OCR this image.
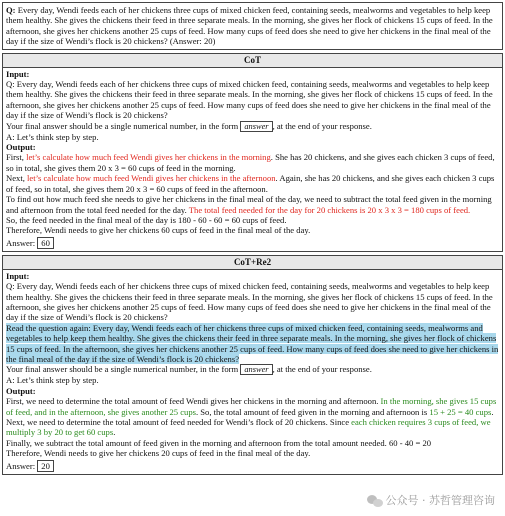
Q: Every day, Wendi feeds each of her chickens three cups of mixed chicken feed, containing seeds, mealworms and vegetables to help keep them healthy. She gives the chickens their feed in three separate meals. In the morning, she gives her flock of chickens 15 cups of feed. In the afternoon, she gives her chickens another 25 cups of feed. How many cups of feed does she need to give her chickens in the final meal of the day if the size of Wendi’s flock is 20 chickens? (Answer: 20)
CoT
Input:
Q: Every day, Wendi feeds each of her chickens three cups of mixed chicken feed, containing seeds, mealworms and vegetables to help keep them healthy. She gives the chickens their feed in three separate meals. In the morning, she gives her flock of chickens 15 cups of feed. In the afternoon, she gives her chickens another 25 cups of feed. How many cups of feed does she need to give her chickens in the final meal of the day if the size of Wendi’s flock is 20 chickens?
Your final answer should be a single numerical number, in the form answer , at the end of your response.
A: Let’s think step by step.
Output:
First, let’s calculate how much feed Wendi gives her chickens in the morning. She has 20 chickens, and she gives each chicken 3 cups of feed, so in total, she gives them 20 x 3 = 60 cups of feed in the morning.
Next, let’s calculate how much feed Wendi gives her chickens in the afternoon. Again, she has 20 chickens, and she gives each chicken 3 cups of feed, so in total, she gives them 20 x 3 = 60 cups of feed in the afternoon.
To find out how much feed she needs to give her chickens in the final meal of the day, we need to subtract the total feed given in the morning and afternoon from the total feed needed for the day. The total feed needed for the day for 20 chickens is 20 x 3 x 3 = 180 cups of feed.
So, the feed needed in the final meal of the day is 180 - 60 - 60 = 60 cups of feed.
Therefore, Wendi needs to give her chickens 60 cups of feed in the final meal of the day.
Answer: 60
CoT+Re2
Input:
Q: Every day, Wendi feeds each of her chickens three cups of mixed chicken feed, containing seeds, mealworms and vegetables to help keep them healthy. She gives the chickens their feed in three separate meals. In the morning, she gives her flock of chickens 15 cups of feed. In the afternoon, she gives her chickens another 25 cups of feed. How many cups of feed does she need to give her chickens in the final meal of the day if the size of Wendi’s flock is 20 chickens?
Read the question again: Every day, Wendi feeds each of her chickens three cups of mixed chicken feed, containing seeds, mealworms and vegetables to help keep them healthy. She gives the chickens their feed in three separate meals. In the morning, she gives her flock of chickens 15 cups of feed. In the afternoon, she gives her chickens another 25 cups of feed. How many cups of feed does she need to give her chickens in the final meal of the day if the size of Wendi’s flock is 20 chickens?
Your final answer should be a single numerical number, in the form answer , at the end of your response.
A: Let’s think step by step.
Output:
First, we need to determine the total amount of feed Wendi gives her chickens in the morning and afternoon. In the morning, she gives 15 cups of feed, and in the afternoon, she gives another 25 cups. So, the total amount of feed given in the morning and afternoon is 15 + 25 = 40 cups.
Next, we need to determine the total amount of feed needed for Wendi’s flock of 20 chickens. Since each chicken requires 3 cups of feed, we multiply 3 by 20 to get 60 cups.
Finally, we subtract the total amount of feed given in the morning and afternoon from the total amount needed. 60 - 40 = 20
Therefore, Wendi needs to give her chickens 20 cups of feed in the final meal of the day.
Answer: 20
公众号 · 苏哲管理咨询
